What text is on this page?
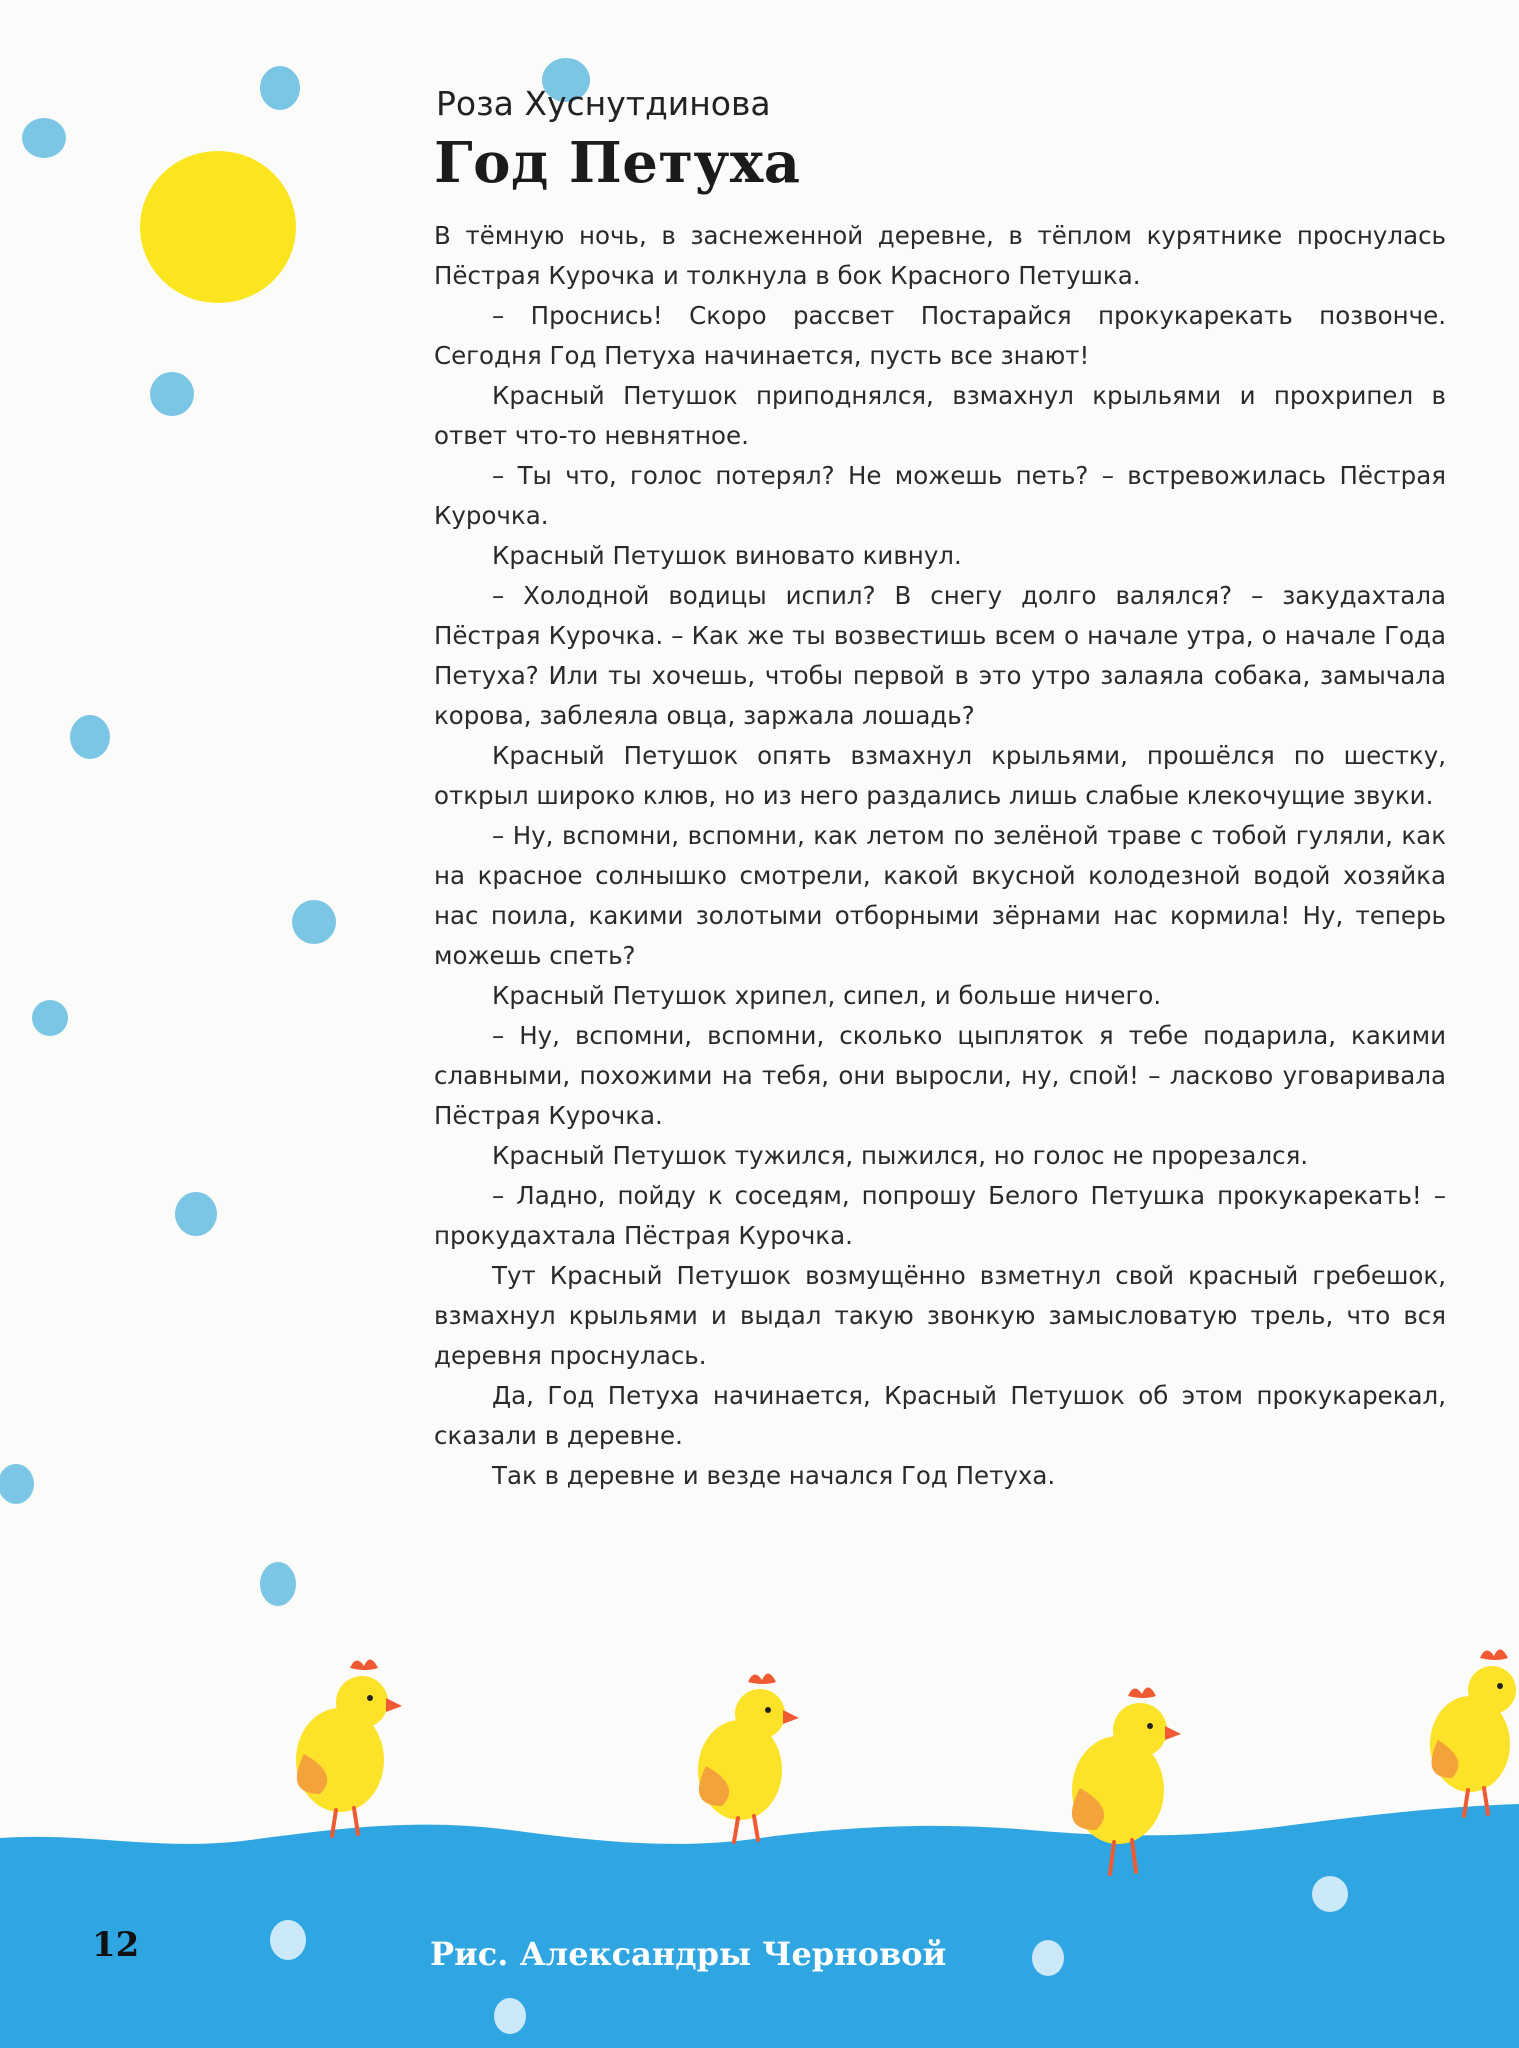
Роза Хуснутдинова
Год Петуха

В тёмную ночь, в заснеженной деревне, в тёплом курятнике проснулась Пёстрая Курочка и толкнула в бок Красного Петушка.

– Проснись! Скоро рассвет Постарайся прокукарекать позвонче. Сегодня Год Петуха начинается, пусть все знают!

Красный Петушок приподнялся, взмахнул крыльями и прохрипел в ответ что-то невнятное.

– Ты что, голос потерял? Не можешь петь? – встревожилась Пёстрая Курочка.

Красный Петушок виновато кивнул.

– Холодной водицы испил? В снегу долго валялся? – закудахтала Пёстрая Курочка. – Как же ты возвестишь всем о начале утра, о начале Года Петуха? Или ты хочешь, чтобы первой в это утро залаяла собака, замычала корова, заблеяла овца, заржала лошадь?

Красный Петушок опять взмахнул крыльями, прошёлся по шестку, открыл широко клюв, но из него раздались лишь слабые клекочущие звуки.

– Ну, вспомни, вспомни, как летом по зелёной траве с тобой гуляли, как на красное солнышко смотрели, какой вкусной колодезной водой хозяйка нас поила, какими золотыми отборными зёрнами нас кормила! Ну, теперь можешь спеть?

Красный Петушок хрипел, сипел, и больше ничего.

– Ну, вспомни, вспомни, сколько цыпляток я тебе подарила, какими славными, похожими на тебя, они выросли, ну, спой! – ласково уговаривала Пёстрая Курочка.

Красный Петушок тужился, пыжился, но голос не прорезался.

– Ладно, пойду к соседям, попрошу Белого Петушка прокукарекать! – прокудахтала Пёстрая Курочка.

Тут Красный Петушок возмущённо взметнул свой красный гребешок, взмахнул крыльями и выдал такую звонкую замысловатую трель, что вся деревня проснулась.

Да, Год Петуха начинается, Красный Петушок об этом прокукарекал, сказали в деревне.

Так в деревне и везде начался Год Петуха.

12	Рис. Александры Черновой
